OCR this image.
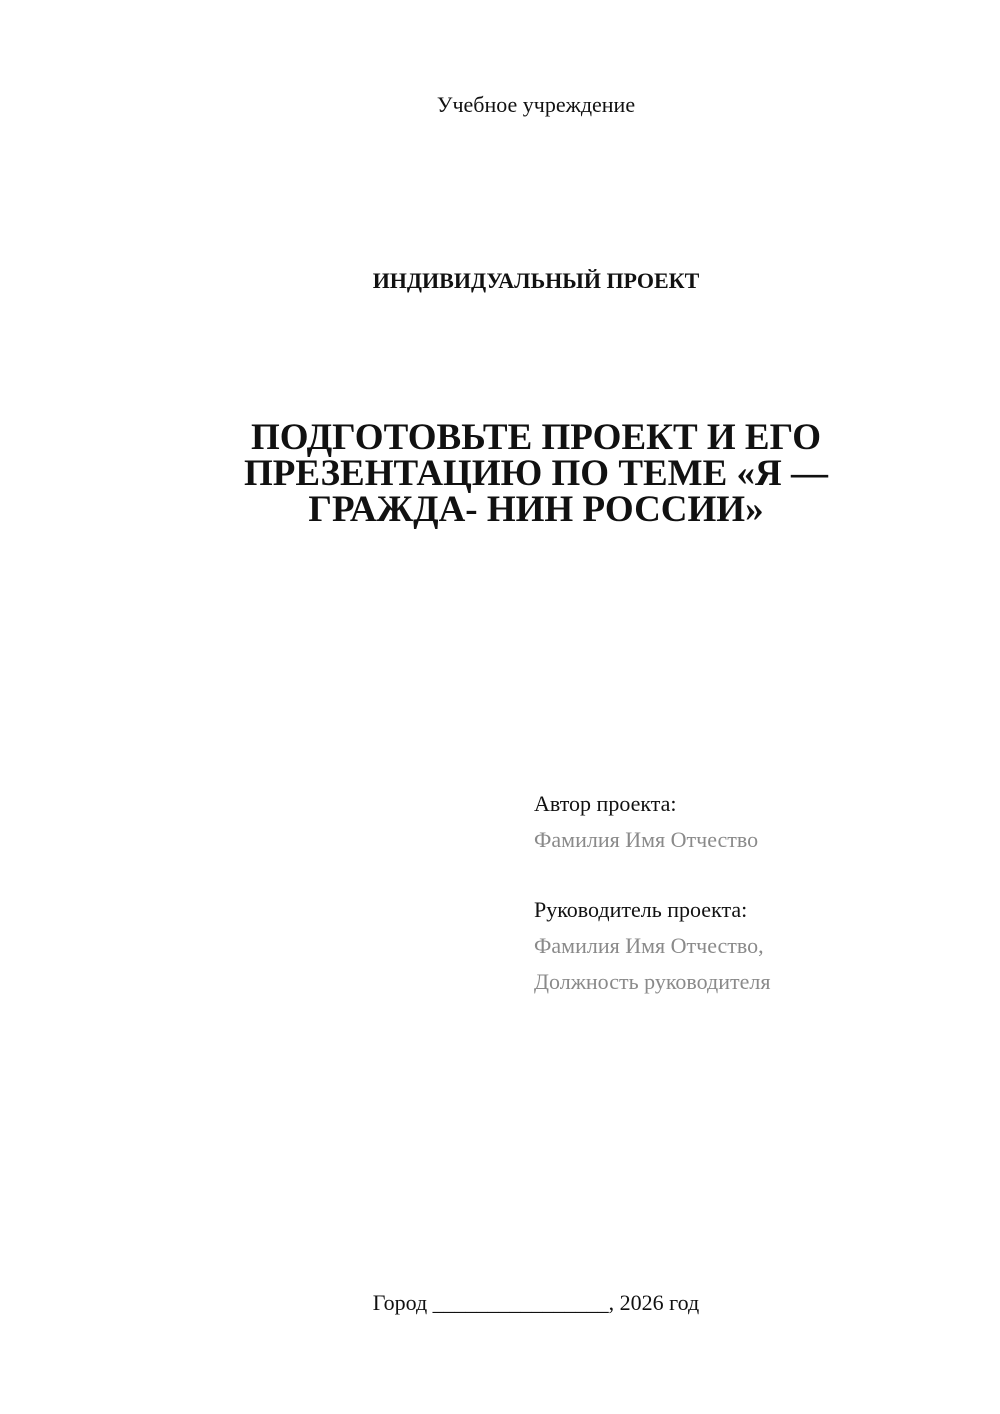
Учебное учреждение
ИНДИВИДУАЛЬНЫЙ ПРОЕКТ
ПОДГОТОВЬТЕ ПРОЕКТ И ЕГО
ПРЕЗЕНТАЦИЮ ПО ТЕМЕ «Я —
ГРАЖДА- НИН РОССИИ»
Автор проекта:
Фамилия Имя Отчество
Руководитель проекта:
Фамилия Имя Отчество,
Должность руководителя
Город ________________, 2026 год
